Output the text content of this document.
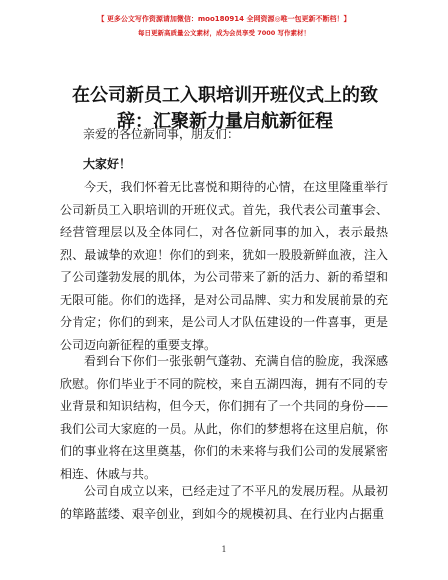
【 更多公文写作资源请加微信：moo180914 全网资源◎唯一包更新不断档！】
每日更新高质量公文素材，成为会员享受 7000 写作素材！
在公司新员工入职培训开班仪式上的致辞：汇聚新力量启航新征程
亲爱的各位新同事，朋友们：
大家好！

今天，我们怀着无比喜悦和期待的心情，在这里隆重举行公司新员工入职培训的开班仪式。首先，我代表公司董事会、经营管理层以及全体同仁，对各位新同事的加入，表示最热烈、最诚挚的欢迎！你们的到来，犹如一股股新鲜血液，注入了公司蓬勃发展的肌体，为公司带来了新的活力、新的希望和无限可能。你们的选择，是对公司品牌、实力和发展前景的充分肯定；你们的到来，是公司人才队伍建设的一件喜事，更是公司迈向新征程的重要支撑。

看到台下你们一张张朝气蓬勃、充满自信的脸庞，我深感欣慰。你们毕业于不同的院校，来自五湖四海，拥有不同的专业背景和知识结构，但今天，你们拥有了一个共同的身份——我们公司大家庭的一员。从此，你们的梦想将在这里启航，你们的事业将在这里奠基，你们的未来将与我们公司的发展紧密相连、休戚与共。

公司自成立以来，已经走过了不平凡的发展历程。从最初的筚路蓝缕、艰辛创业，到如今的规模初具、在行业内占据重

1
